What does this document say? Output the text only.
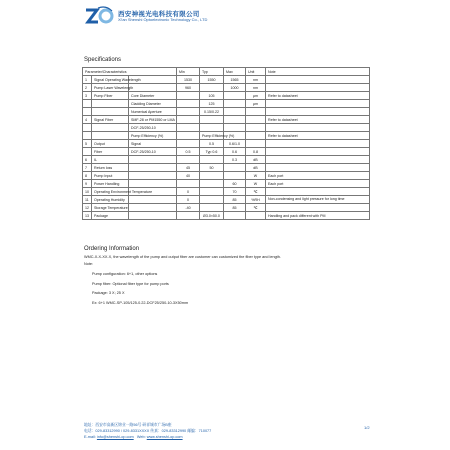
西安神视光电科技有限公司
Xi'an Shenshi Optoelectronic Technology Co., LTD
Specifications
Parameter/Characteristics			Min	Typ	Max	Unit	Note
1	Signal Operating Wavelength		1530	1550	1565	nm	
2	Pump Laser Wavelength		960		1000	nm	
3	Pump Fiber	Core Diameter		105		μm	Refer to datasheet
		Cladding Diameter		125		μm	
		Numerical Aperture		0.15/0.22			
4	Signal Fiber	SMF-28 or PM1550 or LMA					Refer to datasheet
		DCF-25/250-10					
		Pump Efficiency (%)		Pump Efficiency (%)			Refer to datasheet
5	Output	Signal		0.5	0.6/1.0		
	Fiber	DCF-25/250-10	0.5	Typ 0.6	0.6	0.8	
6	IL				0.3	dB	
7	Return loss		45	50		dB	
8	Pump Input		40			W	Each port
9	Power Handling				60	W	Each port
10	Operating Environment Temperature		0		70	℃	
11	Operating Humidity		0		85	%RH	Non-condensing and light pressure for long time
12	Storage Temperature		-40		85	℃	
13	Package			Ø3.0×50.0			Handling and pack different with PM
Ordering Information
WMC-X-X-XX-X, the wavelength of the pump and output fiber are customer can customized the fiber type and length.
Note:
Pump configuration: 6+1, other options
Pump fiber: Optional fiber type for pump ports
Package: 3 X; 25 X
Ex: 6+1 WMC-SP-105/125-0.22-DCF25/250-10-3X50mm
地址：西安市高新区锦业一路56号 研祥城市广场B座
电话：029-83312990 / 029-8331XXXX 传真：029-83312990 邮编：710077
E-mail: info@shenshi-op.com Web: www.shenshi-op.com
1/2
